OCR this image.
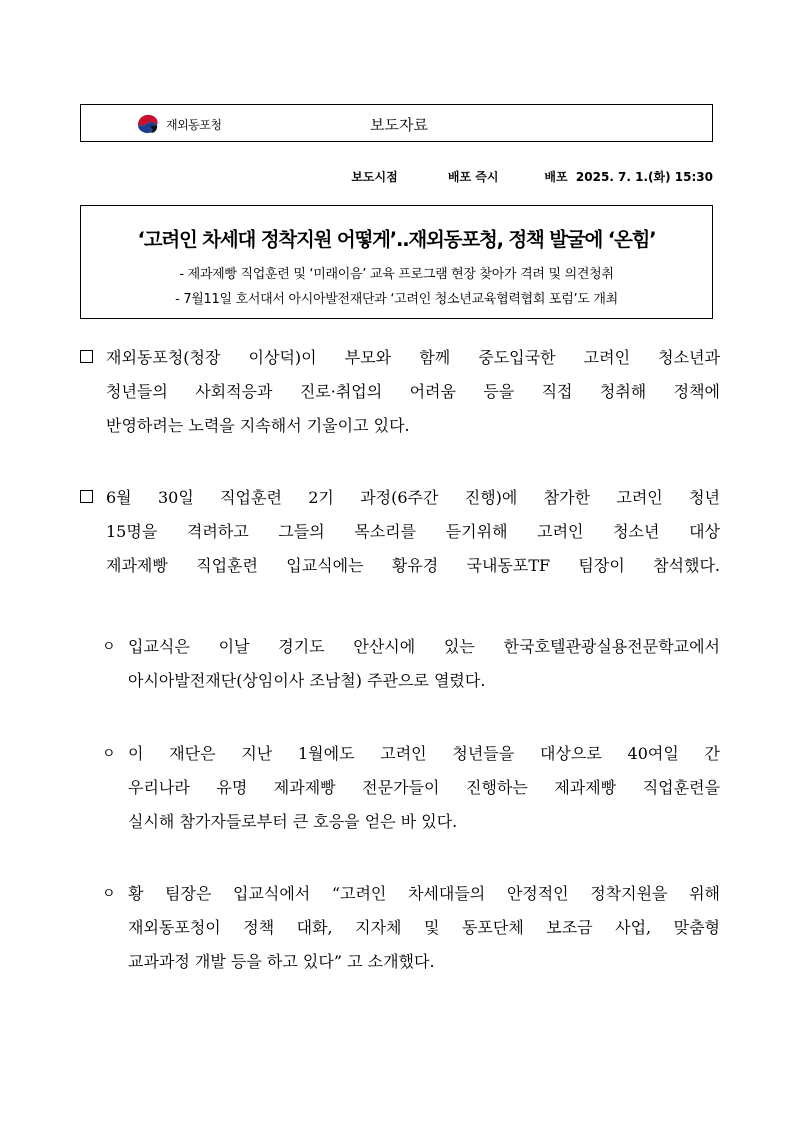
재외동포청	보도자료
보도시점	배포 즉시	배포 2025. 7. 1.(화) 15:30
‘고려인 차세대 정착지원 어떻게’..재외동포청, 정책 발굴에 ‘온힘’
- 제과제빵 직업훈련 및 ‘미래이음’ 교육 프로그램 현장 찾아가 격려 및 의견청취
- 7월11일 호서대서 아시아발전재단과 ‘고려인 청소년교육협력협회 포럼’도 개최
재외동포청(청장 이상덕)이 부모와 함께 중도입국한 고려인 청소년과
청년들의 사회적응과 진로·취업의 어려움 등을 직접 청취해 정책에
반영하려는 노력을 지속해서 기울이고 있다.
6월 30일 직업훈련 2기 과정(6주간 진행)에 참가한 고려인 청년
15명을 격려하고 그들의 목소리를 듣기위해 고려인 청소년 대상
제과제빵 직업훈련 입교식에는 황유경 국내동포TF 팀장이 참석했다.
ㅇ 입교식은 이날 경기도 안산시에 있는 한국호텔관광실용전문학교에서
아시아발전재단(상임이사 조남철) 주관으로 열렸다.
ㅇ 이 재단은 지난 1월에도 고려인 청년들을 대상으로 40여일 간
우리나라 유명 제과제빵 전문가들이 진행하는 제과제빵 직업훈련을
실시해 참가자들로부터 큰 호응을 얻은 바 있다.
ㅇ 황 팀장은 입교식에서 “고려인 차세대들의 안정적인 정착지원을 위해
재외동포청이 정책 대화, 지자체 및 동포단체 보조금 사업, 맞춤형
교과과정 개발 등을 하고 있다” 고 소개했다.
